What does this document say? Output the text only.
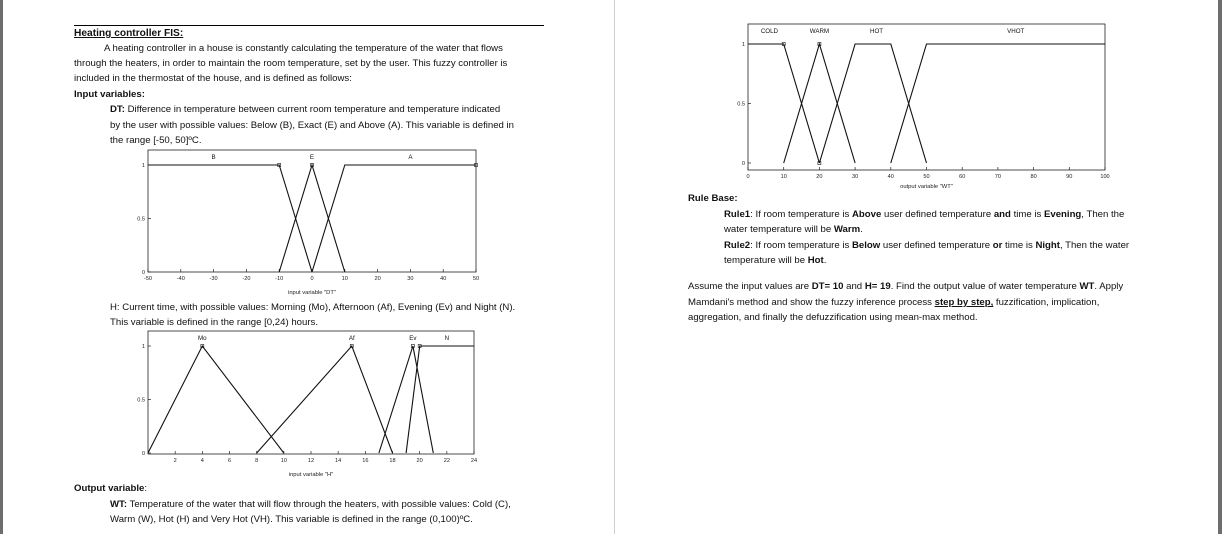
Heating controller FIS:
A heating controller in a house is constantly calculating the temperature of the water that flows
through the heaters, in order to maintain the room temperature, set by the user. This fuzzy controller is
included in the thermostat of the house, and is defined as follows:
Input variables:
DT: Difference in temperature between current room temperature and temperature indicated
by the user with possible values: Below (B), Exact (E) and Above (A). This variable is defined in
the range [-50, 50]ºC.
-50	-40	-30	-20	-10	0	10	20	30	40	50
0
0.5
1
input variable "DT"
B	E	A
H: Current time, with possible values: Morning (Mo), Afternoon (Af), Evening (Ev) and Night (N).
This variable is defined in the range [0,24) hours.
2	4	6	8	10	12	14	16	18	20	22	24
0
0.5
1
input variable "H"
Mo	Af	Ev	N
Output variable:
WT: Temperature of the water that will flow through the heaters, with possible values: Cold (C),
Warm (W), Hot (H) and Very Hot (VH). This variable is defined in the range (0,100)ºC.
0	10	20	30	40	50	60	70	80	90	100
0
0.5
1
output variable "WT"
COLD	WARM	HOT	VHOT
Rule Base:
Rule1: If room temperature is Above user defined temperature and time is Evening, Then the
water temperature will be Warm.
Rule2: If room temperature is Below user defined temperature or time is Night, Then the water
temperature will be Hot.
Assume the input values are DT= 10 and H= 19. Find the output value of water temperature WT. Apply
Mamdani's method and show the fuzzy inference process step by step, fuzzification, implication,
aggregation, and finally the defuzzification using mean-max method.
